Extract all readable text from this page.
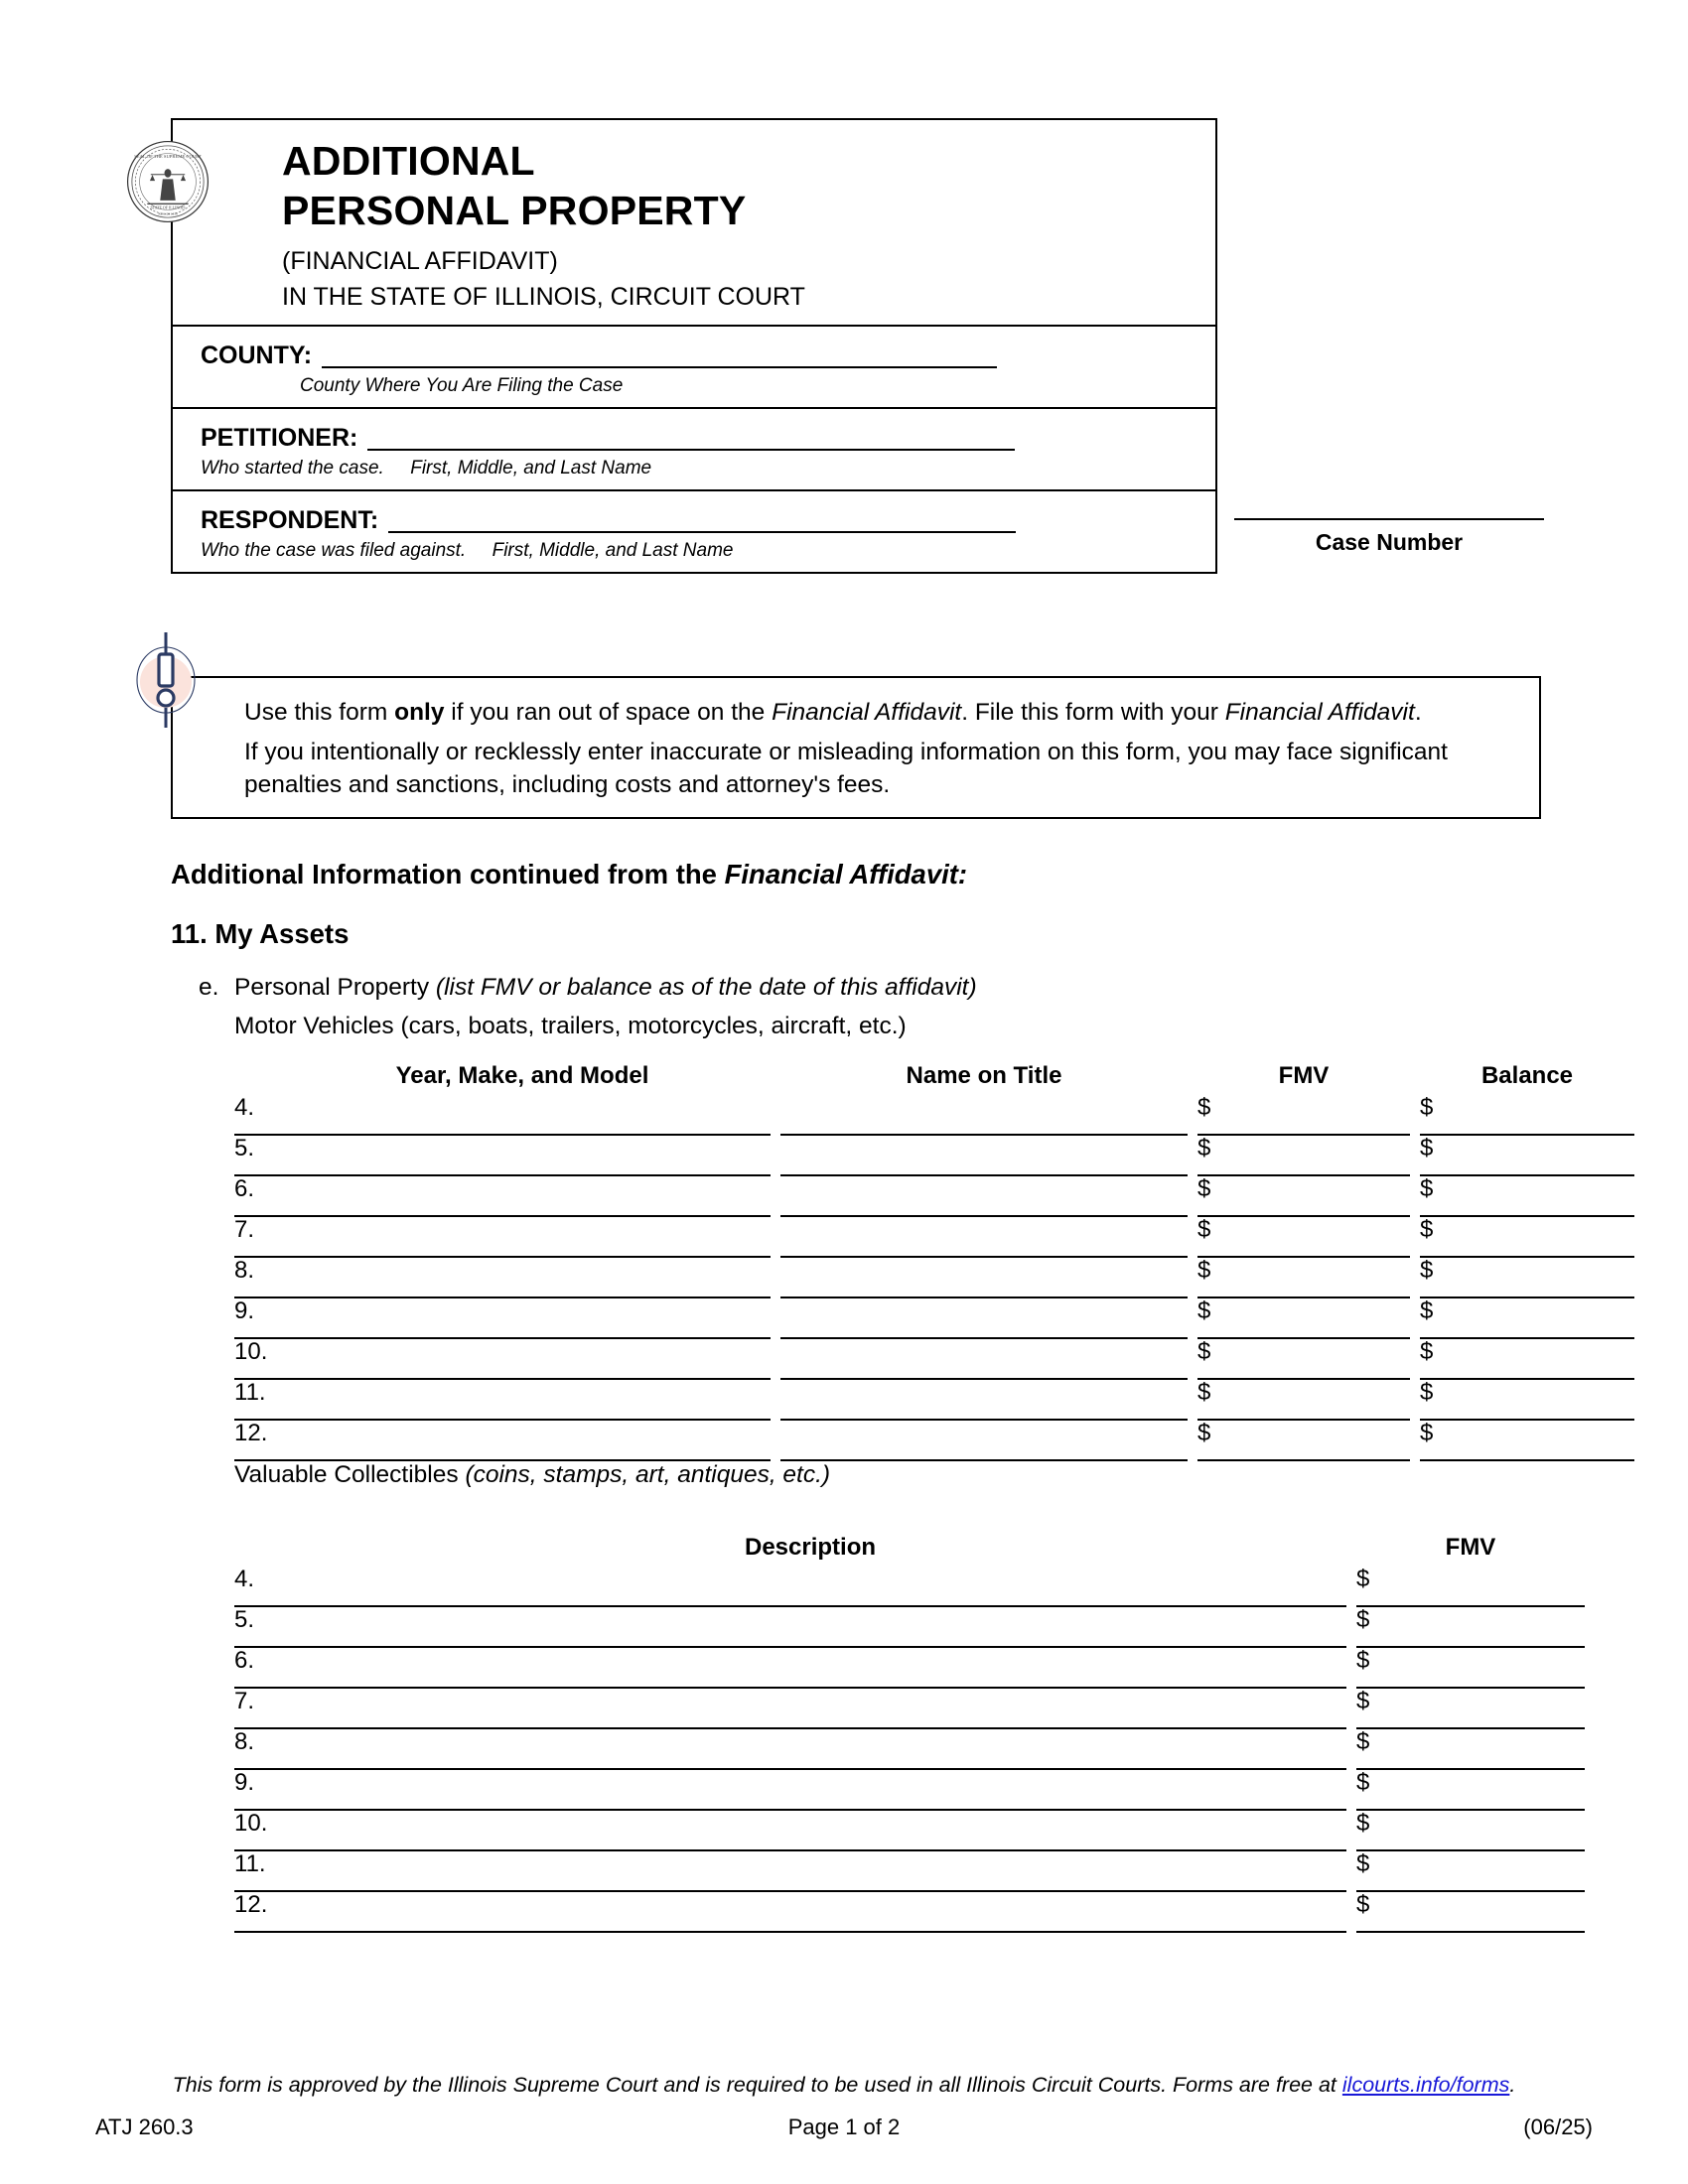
ADDITIONAL
PERSONAL PROPERTY
(FINANCIAL AFFIDAVIT)
IN THE STATE OF ILLINOIS, CIRCUIT COURT
COUNTY:
County Where You Are Filing the Case
PETITIONER:
Who started the case. First, Middle, and Last Name
RESPONDENT:
Who the case was filed against. First, Middle, and Last Name
SEAL OF THE SUPREME COURT
STATE OF ILLINOIS
AUG 28 1818
Case Number

Use this form only if you ran out of space on the Financial Affidavit. File this form with your Financial Affidavit.

If you intentionally or recklessly enter inaccurate or misleading information on this form, you may face significant penalties and sanctions, including costs and attorney's fees.

Additional Information continued from the Financial Affidavit:
11. My Assets
e. Personal Property (list FMV or balance as of the date of this affidavit)
Motor Vehicles (cars, boats, trailers, motorcycles, aircraft, etc.)
	Year, Make, and Model		Name on Title		FMV		Balance
4.					$		$
5.					$		$
6.					$		$
7.					$		$
8.					$		$
9.					$		$
10.					$		$
11.					$		$
12.					$		$
Valuable Collectibles (coins, stamps, art, antiques, etc.)
	Description		FMV
4.			$
5.			$
6.			$
7.			$
8.			$
9.			$
10.			$
11.			$
12.			$
This form is approved by the Illinois Supreme Court and is required to be used in all Illinois Circuit Courts. Forms are free at ilcourts.info/forms.
ATJ 260.3	(06/25)
Page 1 of 2
